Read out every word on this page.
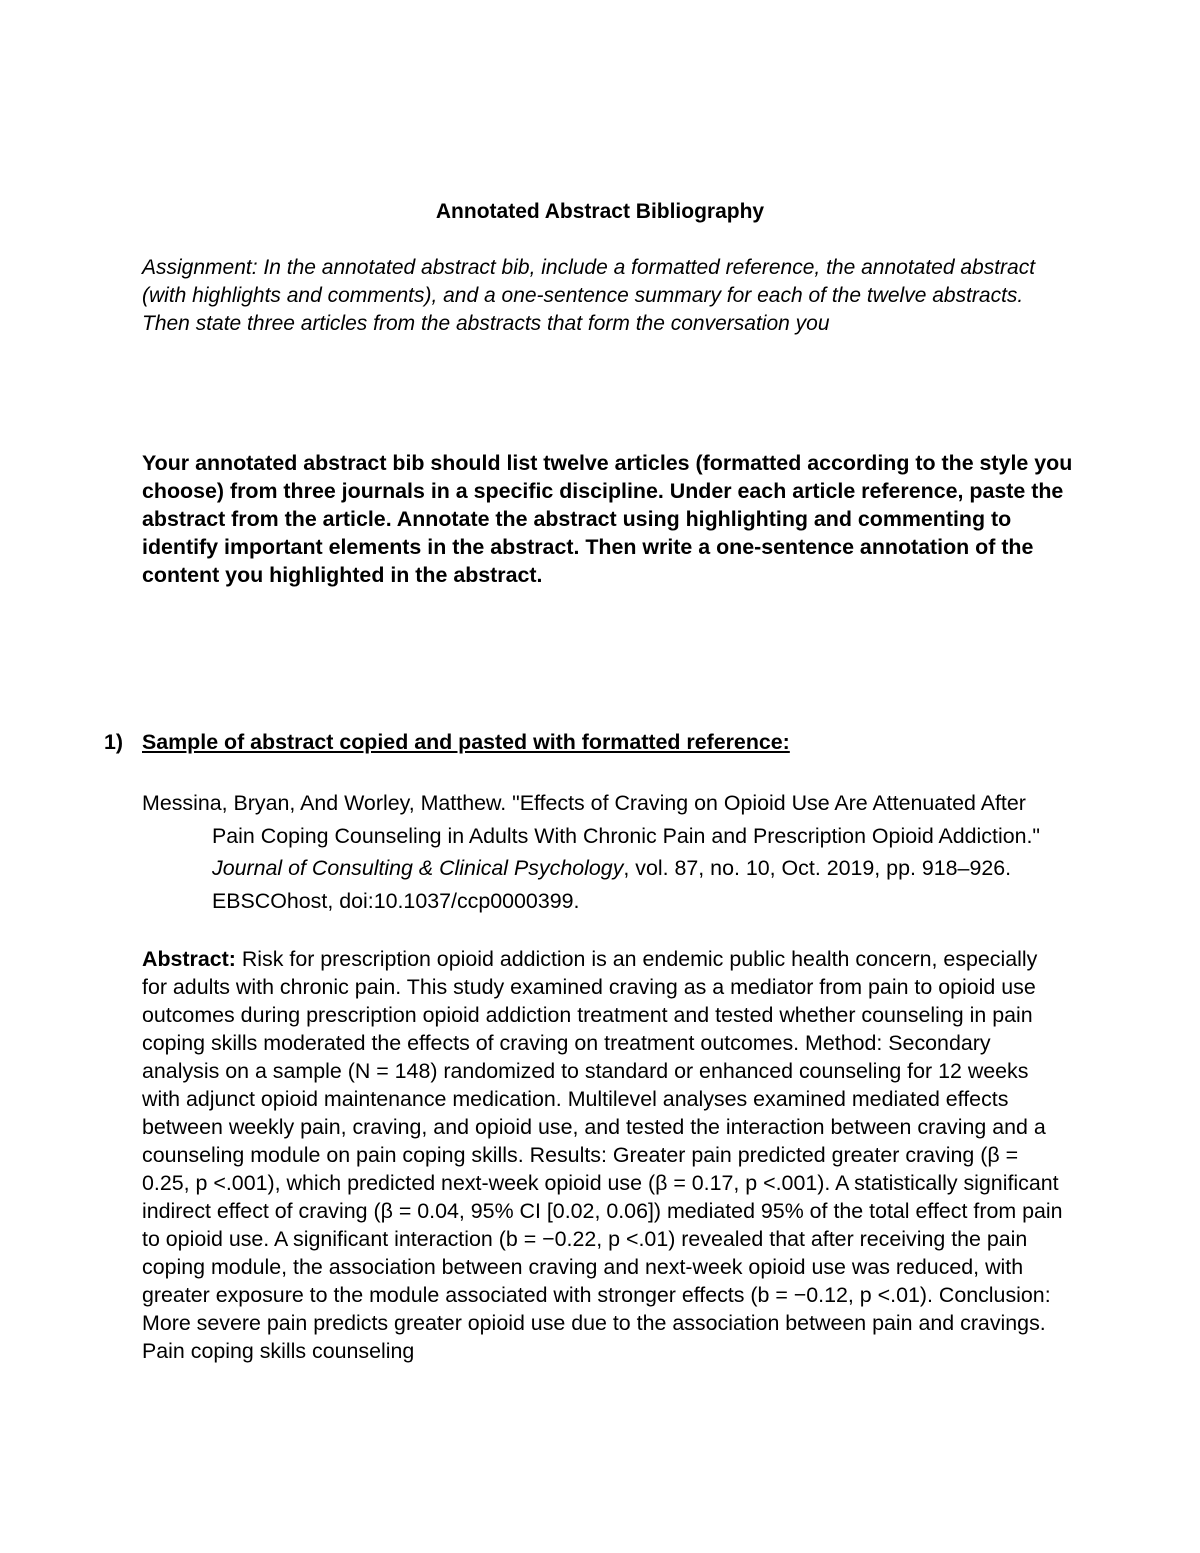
Annotated Abstract Bibliography
Assignment: In the annotated abstract bib, include a formatted reference, the annotated abstract (with highlights and comments), and a one-sentence summary for each of the twelve abstracts. Then state three articles from the abstracts that form the conversation you
Your annotated abstract bib should list twelve articles (formatted according to the style you choose) from three journals in a specific discipline. Under each article reference, paste the abstract from the article. Annotate the abstract using highlighting and commenting to identify important elements in the abstract. Then write a one-sentence annotation of the content you highlighted in the abstract.
1) Sample of abstract copied and pasted with formatted reference:
Messina, Bryan, And Worley, Matthew. "Effects of Craving on Opioid Use Are Attenuated After Pain Coping Counseling in Adults With Chronic Pain and Prescription Opioid Addiction." Journal of Consulting & Clinical Psychology, vol. 87, no. 10, Oct. 2019, pp. 918–926. EBSCOhost, doi:10.1037/ccp0000399.
Abstract: Risk for prescription opioid addiction is an endemic public health concern, especially for adults with chronic pain. This study examined craving as a mediator from pain to opioid use outcomes during prescription opioid addiction treatment and tested whether counseling in pain coping skills moderated the effects of craving on treatment outcomes. Method: Secondary analysis on a sample (N = 148) randomized to standard or enhanced counseling for 12 weeks with adjunct opioid maintenance medication. Multilevel analyses examined mediated effects between weekly pain, craving, and opioid use, and tested the interaction between craving and a counseling module on pain coping skills. Results: Greater pain predicted greater craving (β = 0.25, p <.001), which predicted next-week opioid use (β = 0.17, p <.001). A statistically significant indirect effect of craving (β = 0.04, 95% CI [0.02, 0.06]) mediated 95% of the total effect from pain to opioid use. A significant interaction (b = −0.22, p <.01) revealed that after receiving the pain coping module, the association between craving and next-week opioid use was reduced, with greater exposure to the module associated with stronger effects (b = −0.12, p <.01). Conclusion: More severe pain predicts greater opioid use due to the association between pain and cravings. Pain coping skills counseling
